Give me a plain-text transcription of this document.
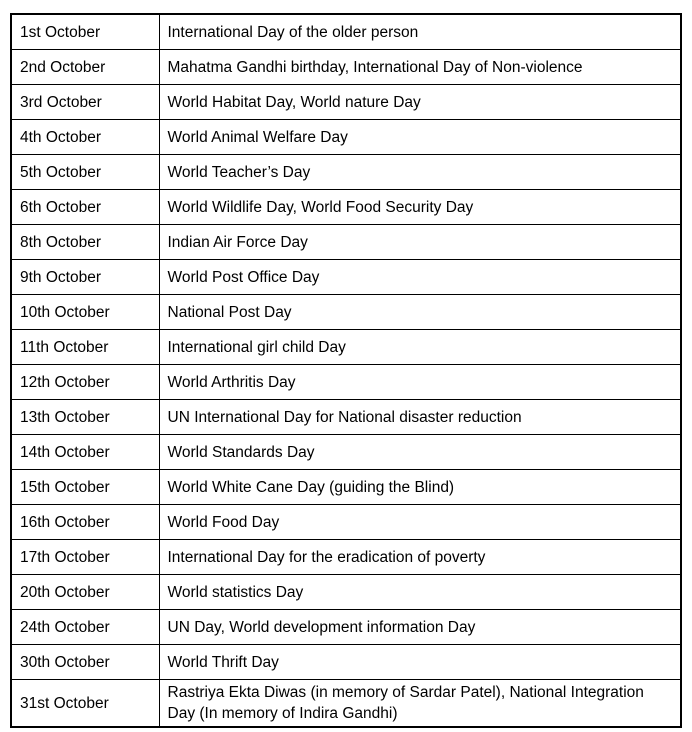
1st October	International Day of the older person
2nd October	Mahatma Gandhi birthday, International Day of Non-violence
3rd October	World Habitat Day, World nature Day
4th October	World Animal Welfare Day
5th October	World Teacher’s Day
6th October	World Wildlife Day, World Food Security Day
8th October	Indian Air Force Day
9th October	World Post Office Day
10th October	National Post Day
11th October	International girl child Day
12th October	World Arthritis Day
13th October	UN International Day for National disaster reduction
14th October	World Standards Day
15th October	World White Cane Day (guiding the Blind)
16th October	World Food Day
17th October	International Day for the eradication of poverty
20th October	World statistics Day
24th October	UN Day, World development information Day
30th October	World Thrift Day
31st October	Rastriya Ekta Diwas (in memory of Sardar Patel), National Integration Day (In memory of Indira Gandhi)
